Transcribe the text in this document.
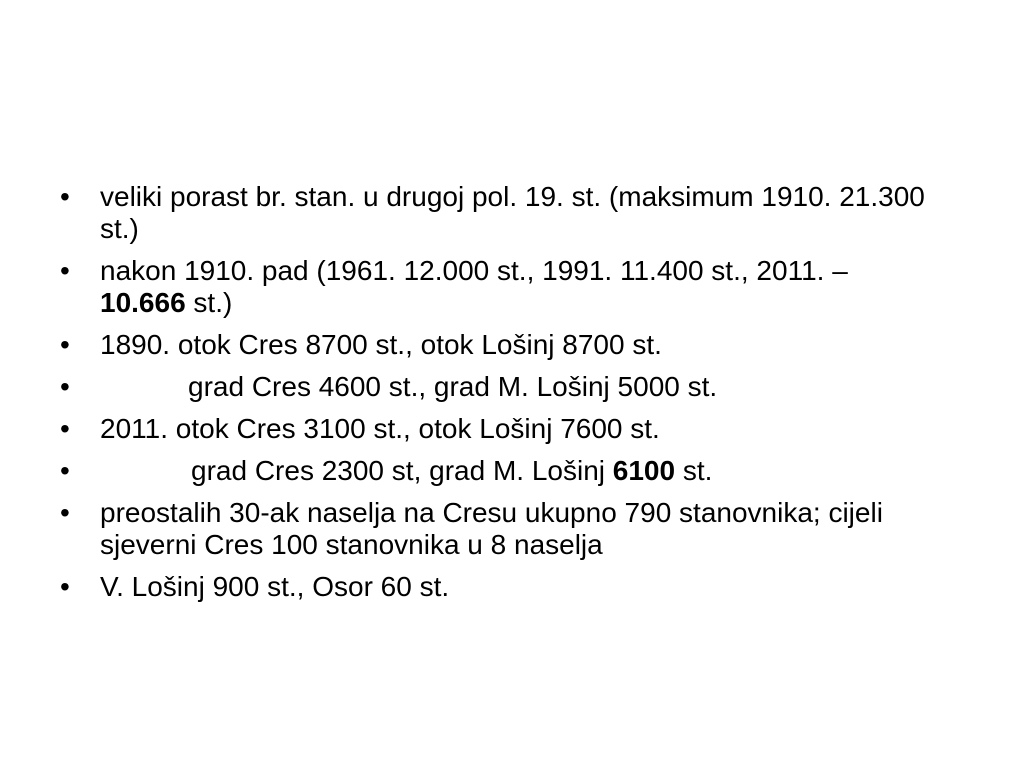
•	veliki porast br. stan. u drugoj pol. 19. st. (maksimum 1910. 21.300 st.)
•	nakon 1910. pad (1961. 12.000 st., 1991. 11.400 st., 2011. – 10.666 st.)
•	1890. otok Cres 8700 st., otok Lošinj 8700 st.
•	grad Cres 4600 st., grad M. Lošinj 5000 st.
•	2011. otok Cres 3100 st., otok Lošinj 7600 st.
•	grad Cres 2300 st, grad M. Lošinj 6100 st.
•	preostalih 30-ak naselja na Cresu ukupno 790 stanovnika; cijeli sjeverni Cres 100 stanovnika u 8 naselja
•	V. Lošinj 900 st., Osor 60 st.
